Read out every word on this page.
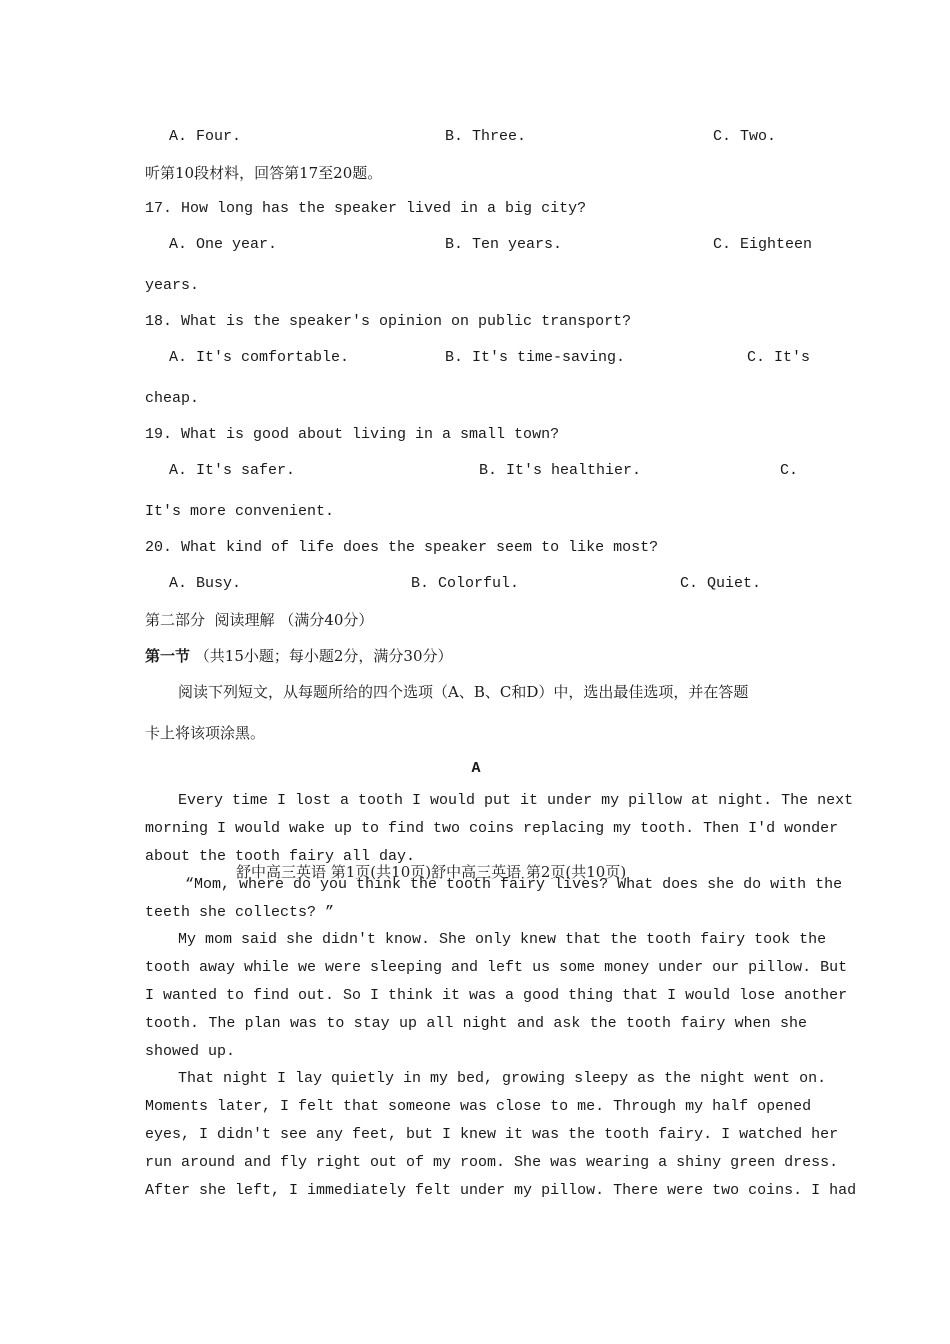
A. Four.	B. Three.	C. Two.
听第10段材料，回答第17至20题。
17. How long has the speaker lived in a big city?
A. One year.	B. Ten years.	C. Eighteen
years.
18. What is the speaker's opinion on public transport?
A. It's comfortable.	B. It's time-saving.	C. It's
cheap.
19. What is good about living in a small town?
A. It's safer.	B. It's healthier.	C.
It's more convenient.
20. What kind of life does the speaker seem to like most?
A. Busy.	B. Colorful.	C. Quiet.
第二部分  阅读理解 （满分40分）
第一节 （共15小题；每小题2分，满分30分）
阅读下列短文，从每题所给的四个选项（A、B、C和D）中，选出最佳选项，并在答题
卡上将该项涂黑。
A
Every time I lost a tooth I would put it under my pillow at night. The next
morning I would wake up to find two coins replacing my tooth. Then I'd wonder
about the tooth fairy all day.
“Mom, where do you think the tooth fairy lives? What does she do with the
teeth she collects? ”
My mom said she didn't know. She only knew that the tooth fairy took the
tooth away while we were sleeping and left us some money under our pillow. But
I wanted to find out. So I think it was a good thing that I would lose another
tooth. The plan was to stay up all night and ask the tooth fairy when she
showed up.
That night I lay quietly in my bed, growing sleepy as the night went on.
Moments later, I felt that someone was close to me. Through my half opened
eyes, I didn't see any feet, but I knew it was the tooth fairy. I watched her
run around and fly right out of my room. She was wearing a shiny green dress.
After she left, I immediately felt under my pillow. There were two coins. I had
舒中高三英语 第1页(共10页)舒中高三英语 第2页(共10页)
